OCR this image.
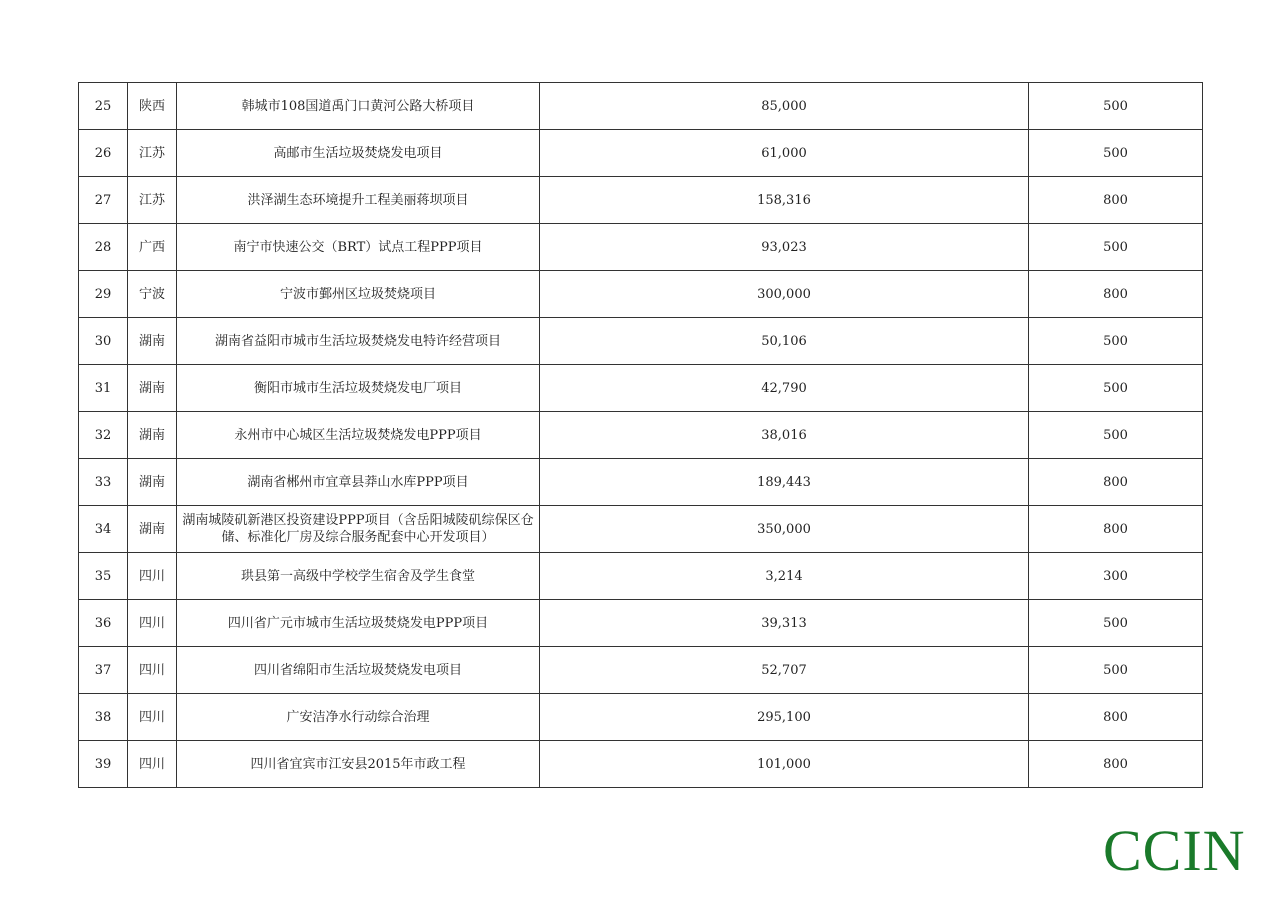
25	陕西	韩城市108国道禹门口黄河公路大桥项目	85,000	500
26	江苏	高邮市生活垃圾焚烧发电项目	61,000	500
27	江苏	洪泽湖生态环境提升工程美丽蒋坝项目	158,316	800
28	广西	南宁市快速公交（BRT）试点工程PPP项目	93,023	500
29	宁波	宁波市鄞州区垃圾焚烧项目	300,000	800
30	湖南	湖南省益阳市城市生活垃圾焚烧发电特许经营项目	50,106	500
31	湖南	衡阳市城市生活垃圾焚烧发电厂项目	42,790	500
32	湖南	永州市中心城区生活垃圾焚烧发电PPP项目	38,016	500
33	湖南	湖南省郴州市宜章县莽山水库PPP项目	189,443	800
34	湖南	湖南城陵矶新港区投资建设PPP项目（含岳阳城陵矶综保区仓储、标准化厂房及综合服务配套中心开发项目）	350,000	800
35	四川	珙县第一高级中学校学生宿舍及学生食堂	3,214	300
36	四川	四川省广元市城市生活垃圾焚烧发电PPP项目	39,313	500
37	四川	四川省绵阳市生活垃圾焚烧发电项目	52,707	500
38	四川	广安洁净水行动综合治理	295,100	800
39	四川	四川省宜宾市江安县2015年市政工程	101,000	800
CCIN
